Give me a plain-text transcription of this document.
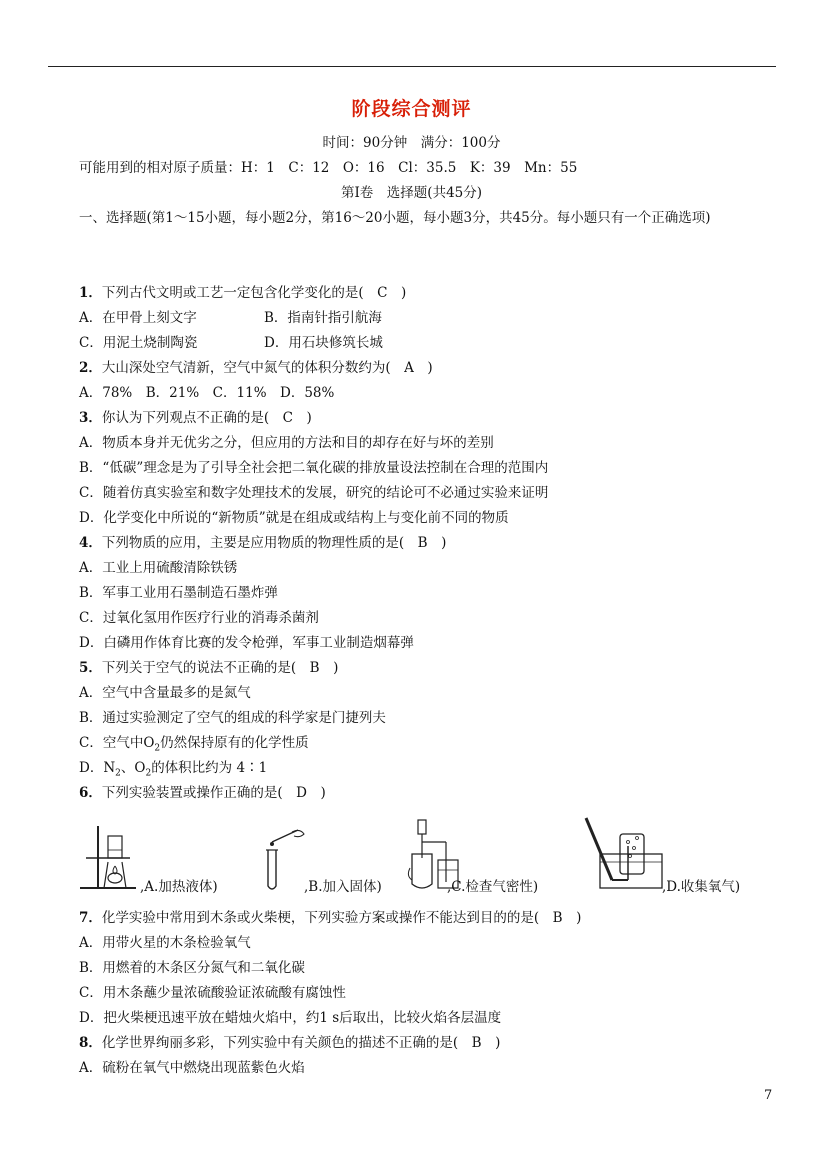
阶段综合测评
时间：90分钟　满分：100分
可能用到的相对原子质量：H：1　C：12　O：16　Cl：35.5　K：39　Mn：55
第Ⅰ卷　选择题(共45分)
一、选择题(第1～15小题，每小题2分，第16～20小题，每小题3分，共45分。每小题只有一个正确选项)
1．下列古代文明或工艺一定包含化学变化的是(　C　)
A．在甲骨上刻文字	B．指南针指引航海
C．用泥土烧制陶瓷	D．用石块修筑长城
2．大山深处空气清新，空气中氮气的体积分数约为(　A　)
A．78%　B．21%　C．11%　D．58%
3．你认为下列观点不正确的是(　C　)
A．物质本身并无优劣之分，但应用的方法和目的却存在好与坏的差别
B．“低碳”理念是为了引导全社会把二氧化碳的排放量设法控制在合理的范围内
C．随着仿真实验室和数字处理技术的发展，研究的结论可不必通过实验来证明
D．化学变化中所说的“新物质”就是在组成或结构上与变化前不同的物质
4．下列物质的应用，主要是应用物质的物理性质的是(　B　)
A．工业上用硫酸清除铁锈
B．军事工业用石墨制造石墨炸弹
C．过氧化氢用作医疗行业的消毒杀菌剂
D．白磷用作体育比赛的发令枪弹，军事工业制造烟幕弹
5．下列关于空气的说法不正确的是(　B　)
A．空气中含量最多的是氮气
B．通过实验测定了空气的组成的科学家是门捷列夫
C．空气中$O_2$仍然保持原有的化学性质
D．$N_2$、$O_2$的体积比约为 4∶1
6．下列实验装置或操作正确的是(　D　)
,A.加热液体)	,B.加入固体)	,C.检查气密性)	,D.收集氧气)
7．化学实验中常用到木条或火柴梗，下列实验方案或操作不能达到目的的是(　B　)
A．用带火星的木条检验氧气
B．用燃着的木条区分氮气和二氧化碳
C．用木条蘸少量浓硫酸验证浓硫酸有腐蚀性
D．把火柴梗迅速平放在蜡烛火焰中，约1 s后取出，比较火焰各层温度
8．化学世界绚丽多彩，下列实验中有关颜色的描述不正确的是(　B　)
A．硫粉在氧气中燃烧出现蓝紫色火焰
7
